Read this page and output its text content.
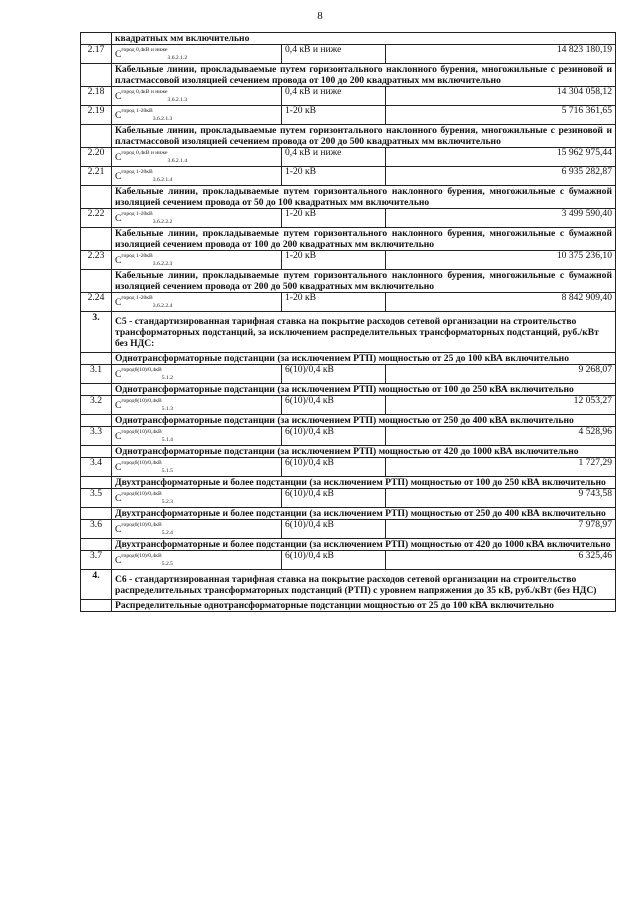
8
	квадратных мм включительно		
2.17	$C^{город 0,4кВ и ниже}_{3.6.2.1.2}$	0,4 кВ и ниже	14 823 180,19
	Кабельные линии, прокладываемые путем горизонтального наклонного бурения, многожильные с резиновой и пластмассовой изоляцией сечением провода от 100 до 200 квадратных мм включительно		
2.18	$C^{город 0,4кВ и ниже}_{3.6.2.1.3}$	0,4 кВ и ниже	14 304 058,12
2.19	$C^{город 1-20кВ}_{3.6.2.1.3}$	1-20 кВ	5 716 361,65
	Кабельные линии, прокладываемые путем горизонтального наклонного бурения, многожильные с резиновой и пластмассовой изоляцией сечением провода от 200 до 500 квадратных мм включительно		
2.20	$C^{город 0,4кВ и ниже}_{3.6.2.1.4}$	0,4 кВ и ниже	15 962 975,44
2.21	$C^{город 1-20кВ}_{3.6.2.1.4}$	1-20 кВ	6 935 282,87
	Кабельные линии, прокладываемые путем горизонтального наклонного бурения, многожильные с бумажной изоляцией сечением провода от 50 до 100 квадратных мм включительно		
2.22	$C^{город 1-20кВ}_{3.6.2.2.2}$	1-20 кВ	3 499 590,40
	Кабельные линии, прокладываемые путем горизонтального наклонного бурения, многожильные с бумажной изоляцией сечением провода от 100 до 200 квадратных мм включительно		
2.23	$C^{город 1-20кВ}_{3.6.2.2.3}$	1-20 кВ	10 375 236,10
	Кабельные линии, прокладываемые путем горизонтального наклонного бурения, многожильные с бумажной изоляцией сечением провода от 200 до 500 квадратных мм включительно		
2.24	$C^{город 1-20кВ}_{3.6.2.2.4}$	1-20 кВ	8 842 909,40
3.	С5 - стандартизированная тарифная ставка на покрытие расходов сетевой организации на строительство трансформаторных подстанций, за исключением распределительных трансформаторных подстанций, руб./кВт без НДС:		
	Однотрансформаторные подстанции (за исключением РТП) мощностью от 25 до 100 кВА включительно		
3.1	$C^{город6(10)/0,4кВ}_{5.1.2}$	6(10)/0,4 кВ	9 268,07
	Однотрансформаторные подстанции (за исключением РТП) мощностью от 100 до 250 кВА включительно		
3.2	$C^{город6(10)/0,4кВ}_{5.1.3}$	6(10)/0,4 кВ	12 053,27
	Однотрансформаторные подстанции (за исключением РТП) мощностью от 250 до 400 кВА включительно		
3.3	$C^{город6(10)/0,4кВ}_{5.1.4}$	6(10)/0,4 кВ	4 528,96
	Однотрансформаторные подстанции (за исключением РТП) мощностью от 420 до 1000 кВА включительно		
3.4	$C^{город6(10)/0,4кВ}_{5.1.5}$	6(10)/0,4 кВ	1 727,29
	Двухтрансформаторные и более подстанции (за исключением РТП) мощностью от 100 до 250 кВА включительно		
3.5	$C^{город6(10)/0,4кВ}_{5.2.3}$	6(10)/0,4 кВ	9 743,58
	Двухтрансформаторные и более подстанции (за исключением РТП) мощностью от 250 до 400 кВА включительно		
3.6	$C^{город6(10)/0,4кВ}_{5.2.4}$	6(10)/0,4 кВ	7 978,97
	Двухтрансформаторные и более подстанции (за исключением РТП) мощностью от 420 до 1000 кВА включительно		
3.7	$C^{город6(10)/0,4кВ}_{5.2.5}$	6(10)/0,4 кВ	6 325,46
4.	С6 - стандартизированная тарифная ставка на покрытие расходов сетевой организации на строительство распределительных трансформаторных подстанций (РТП) с уровнем напряжения до 35 кВ, руб./кВт (без НДС)		
	Распределительные однотрансформаторные подстанции мощностью от 25 до 100 кВА включительно		
